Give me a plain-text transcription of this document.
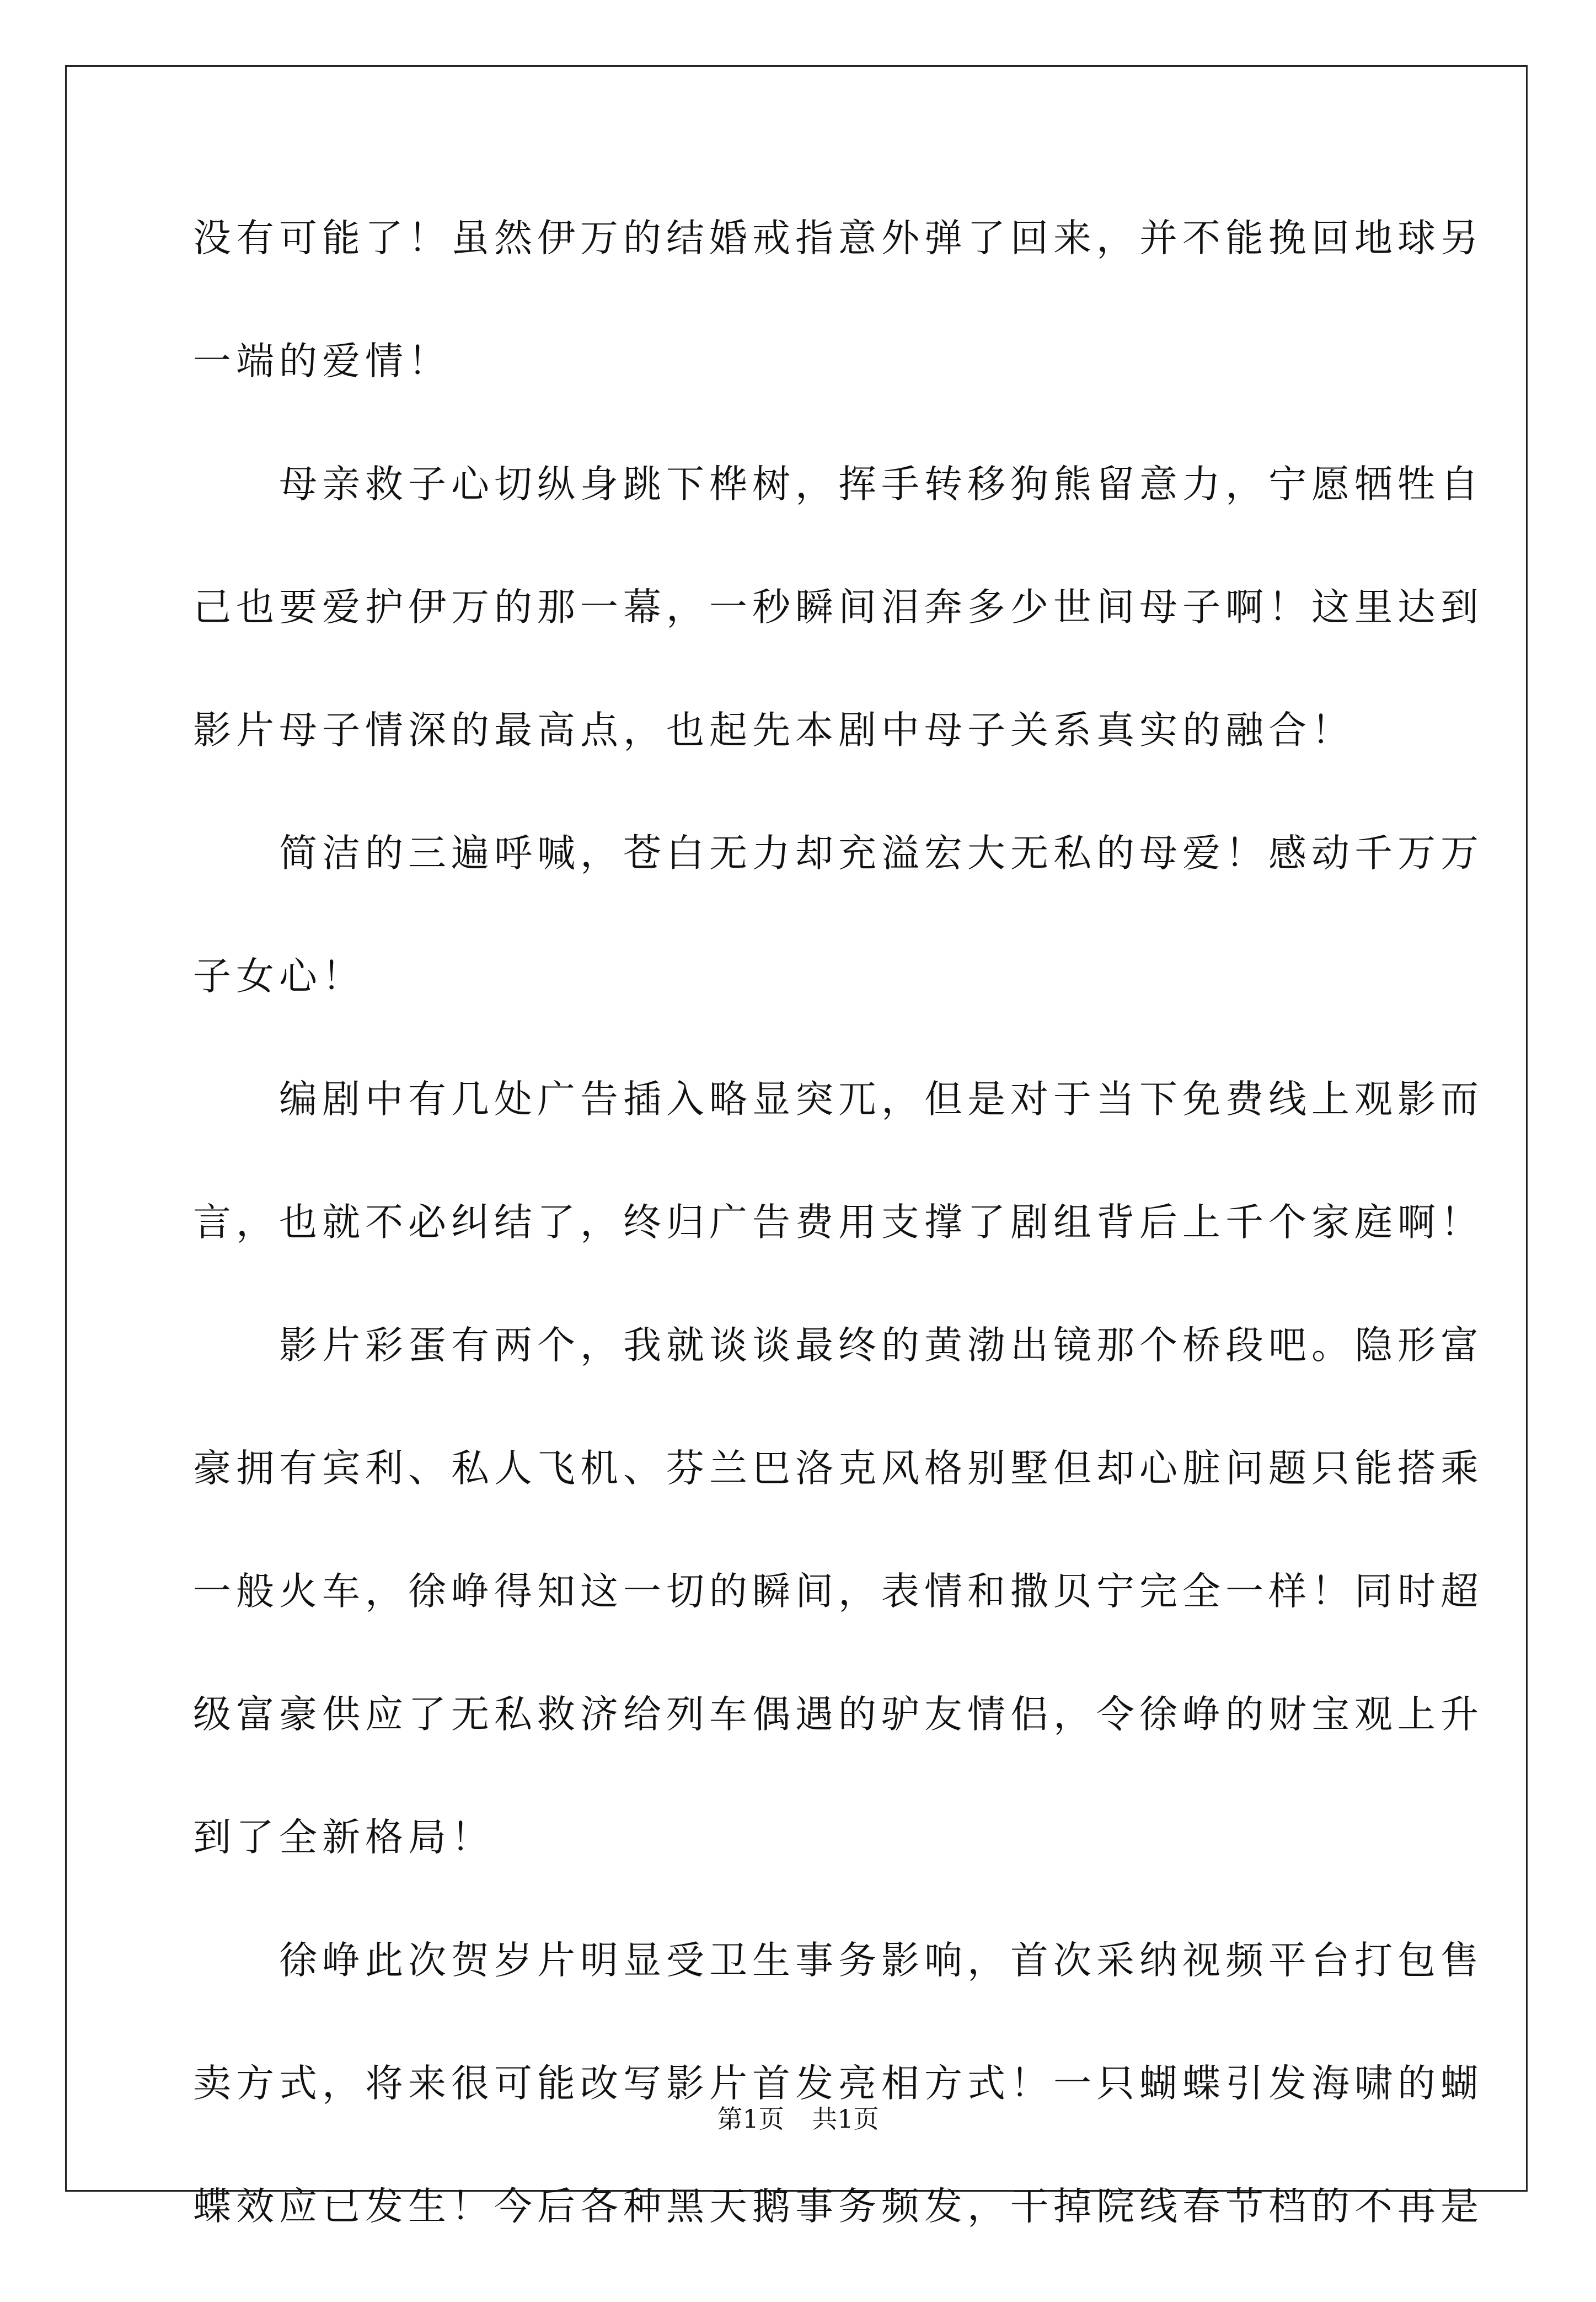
没有可能了！虽然伊万的结婚戒指意外弹了回来，并不能挽回地球另
一端的爱情！
　　母亲救子心切纵身跳下桦树，挥手转移狗熊留意力，宁愿牺牲自
己也要爱护伊万的那一幕，一秒瞬间泪奔多少世间母子啊！这里达到
影片母子情深的最高点，也起先本剧中母子关系真实的融合！
　　简洁的三遍呼喊，苍白无力却充溢宏大无私的母爱！感动千万万
子女心！
　　编剧中有几处广告插入略显突兀，但是对于当下免费线上观影而
言，也就不必纠结了，终归广告费用支撑了剧组背后上千个家庭啊！
　　影片彩蛋有两个，我就谈谈最终的黄渤出镜那个桥段吧。隐形富
豪拥有宾利、私人飞机、芬兰巴洛克风格别墅但却心脏问题只能搭乘
一般火车，徐峥得知这一切的瞬间，表情和撒贝宁完全一样！同时超
级富豪供应了无私救济给列车偶遇的驴友情侣，令徐峥的财宝观上升
到了全新格局！
　　徐峥此次贺岁片明显受卫生事务影响，首次采纳视频平台打包售
卖方式，将来很可能改写影片首发亮相方式！一只蝴蝶引发海啸的蝴
蝶效应已发生！今后各种黑天鹅事务频发，干掉院线春节档的不再是
第1页 共1页
